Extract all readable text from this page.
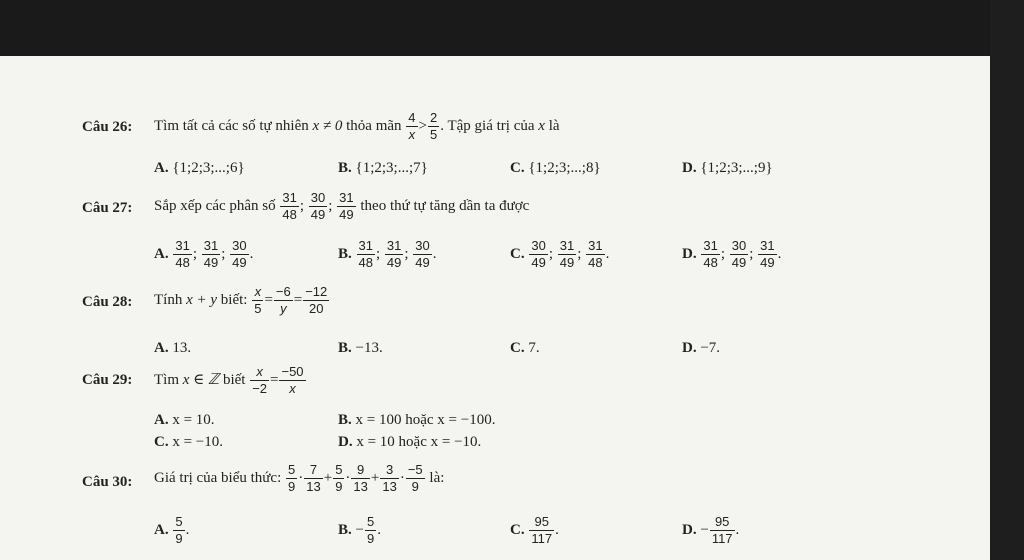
Câu 26: Tìm tất cả các số tự nhiên x ≠ 0 thỏa mãn $\frac{4}{x} > \frac{2}{5}$ . Tập giá trị của x là
A. {1;2;3;...;6}	B. {1;2;3;...;7}	C. {1;2;3;...;8}	D. {1;2;3;...;9}
Câu 27: Sắp xếp các phân số $\frac{31}{48}$ ; $\frac{30}{49}$ ; $\frac{31}{49}$ theo thứ tự tăng dần ta được
A. $\frac{31}{48}$ ; $\frac{31}{49}$ ; $\frac{30}{49}$ .	B. $\frac{31}{48}$ ; $\frac{31}{49}$ ; $\frac{30}{49}$ .	C. $\frac{30}{49}$ ; $\frac{31}{49}$ ; $\frac{31}{48}$ .	D. $\frac{31}{48}$ ; $\frac{30}{49}$ ; $\frac{31}{49}$ .
Câu 28: Tính x + y biết: $\frac{x}{5} = \frac{-6}{y} = \frac{-12}{20}$
A. 13.	B. −13.	C. 7.	D. −7.
Câu 29: Tìm x ∈ ℤ biết $\frac{x}{-2} = \frac{-50}{x}$
A. x = 10.	B. x = 100 hoặc x = −100.
C. x = −10.	D. x = 10 hoặc x = −10.
Câu 30: Giá trị của biểu thức: $\frac{5}{9} \cdot \frac{7}{13} + \frac{5}{9} \cdot \frac{9}{13} + \frac{3}{13} \cdot \frac{-5}{9}$ là:
A. $\frac{5}{9}$ .	B. − $\frac{5}{9}$ .	C. $\frac{95}{117}$ .	D. − $\frac{95}{117}$ .
